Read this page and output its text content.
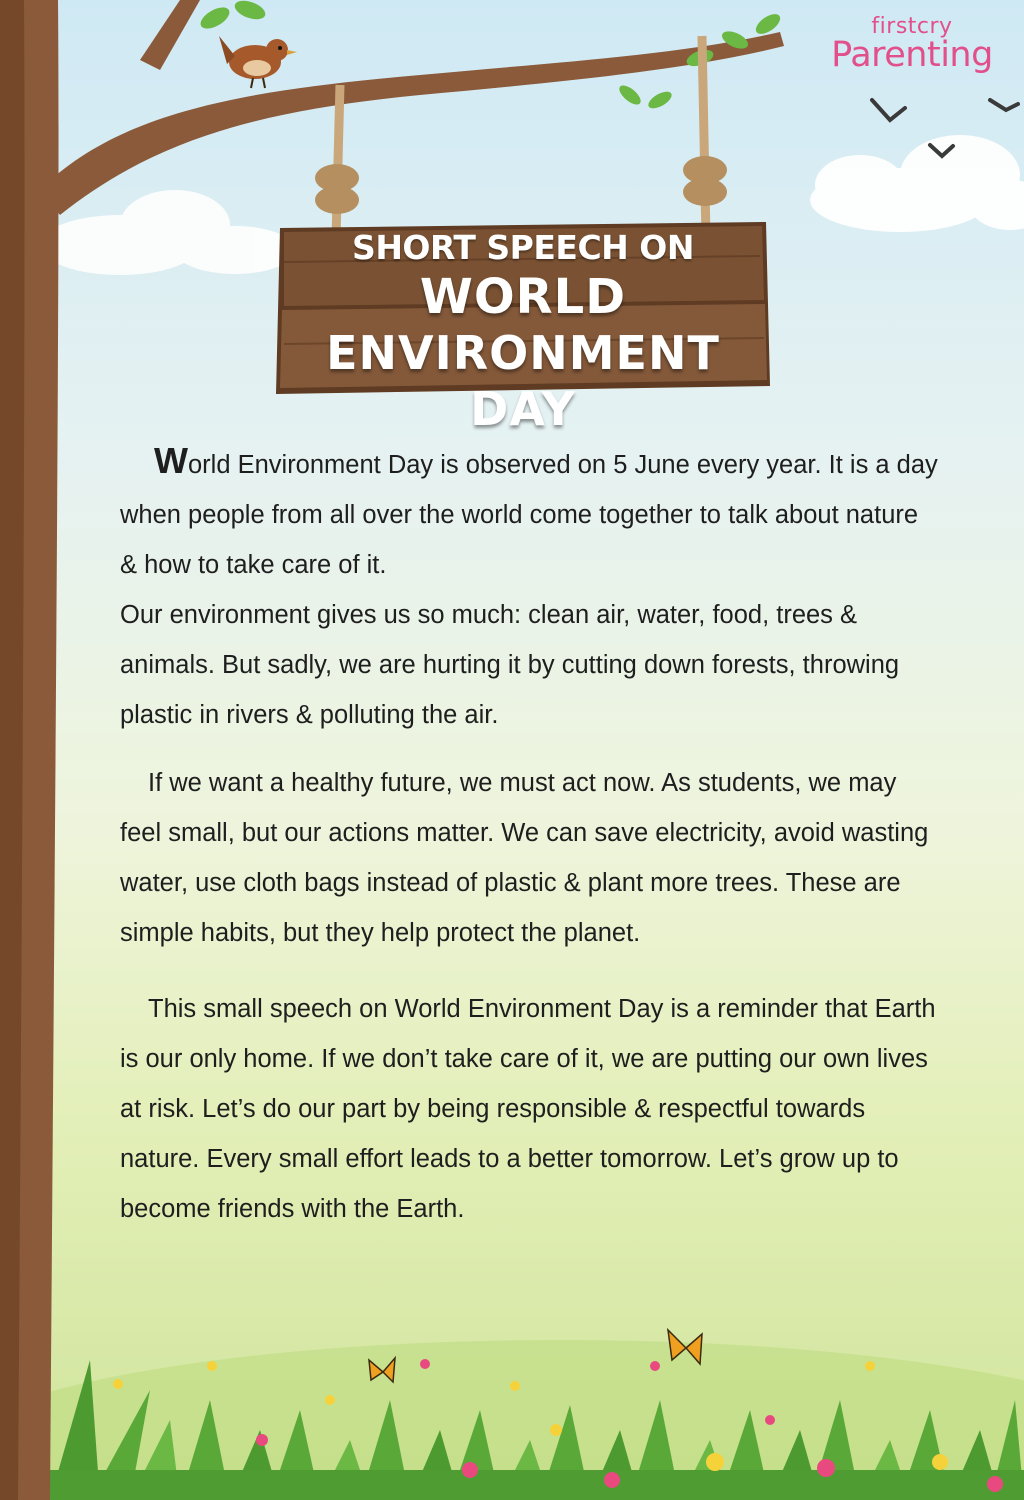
firstcry
Parenting
SHORT SPEECH ON
WORLD
ENVIRONMENT DAY

World Environment Day is observed on 5 June every year. It is a day when people from all over the world come together to talk about nature & how to take care of it.
Our environment gives us so much: clean air, water, food, trees & animals. But sadly, we are hurting it by cutting down forests, throwing plastic in rivers & polluting the air.

If we want a healthy future, we must act now. As students, we may feel small, but our actions matter. We can save electricity, avoid wasting water, use cloth bags instead of plastic & plant more trees. These are simple habits, but they help protect the planet.

This small speech on World Environment Day is a reminder that Earth is our only home. If we don’t take care of it, we are putting our own lives at risk. Let’s do our part by being responsible & respectful towards nature. Every small effort leads to a better tomorrow. Let’s grow up to become friends with the Earth.
